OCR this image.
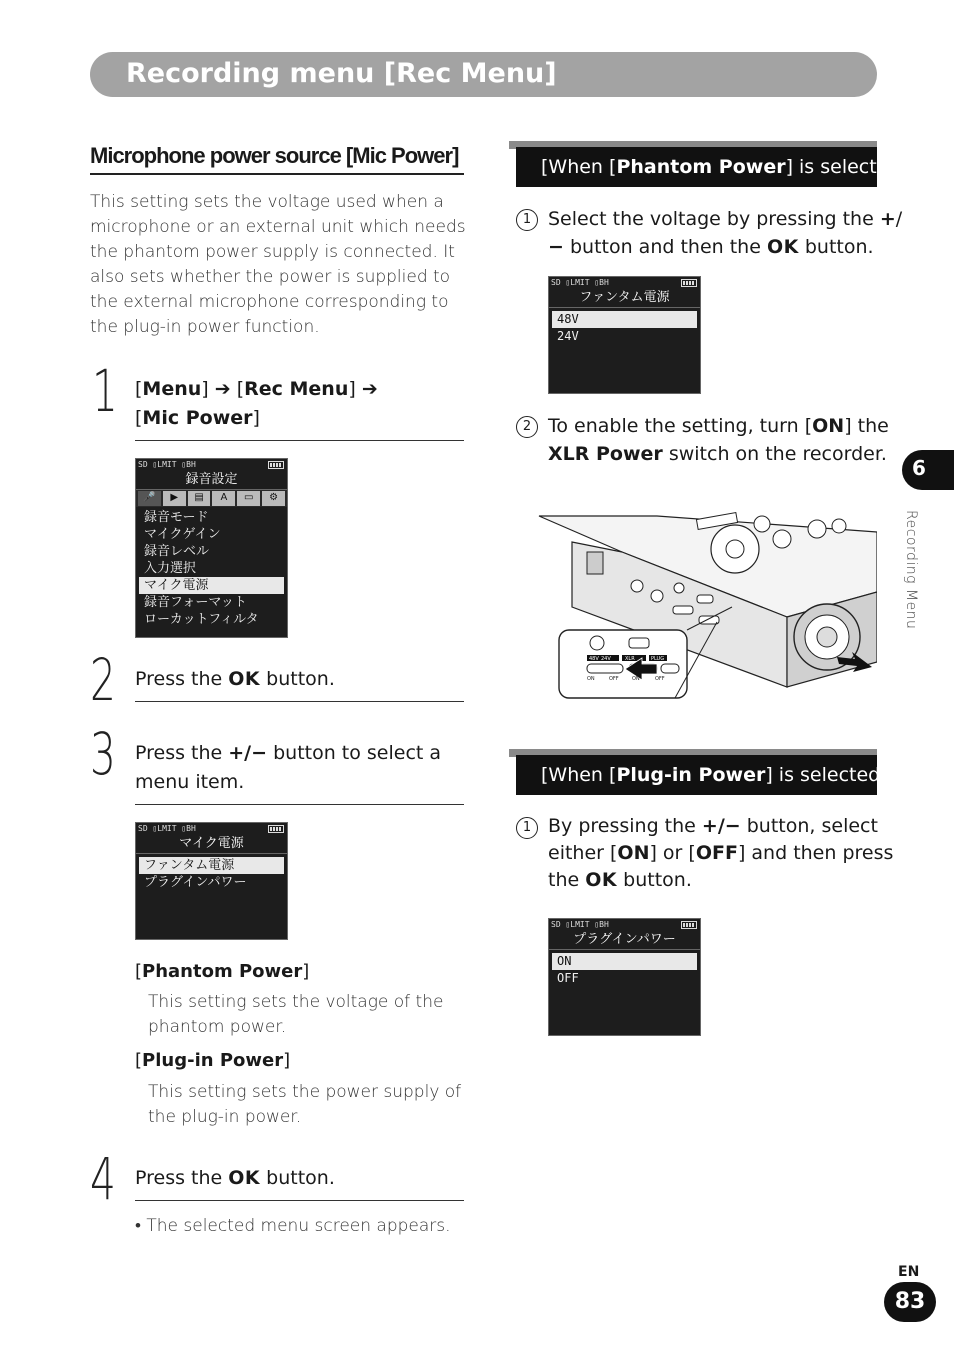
Recording menu [Rec Menu]
Microphone power source [Mic Power]
This setting sets the voltage used when a
microphone or an external unit which needs
the phantom power supply is connected. It
also sets whether the power is supplied to
the external microphone corresponding to
the plug-in power function.
1 [Menu] ➔ [Rec Menu] ➔
[Mic Power]
SD ▯LMIT ▯BH
録音設定
🎤	▶	▤	A	▭	⚙
録音モード
マイクゲイン
録音レベル
入力選択
マイク電源
録音フォーマット
ローカットフィルタ
2 Press the OK button.
3 Press the +/− button to select a
menu item.
SD ▯LMIT ▯BH
マイク電源
ファンタム電源
プラグインパワー
[Phantom Power]
This setting sets the voltage of the
phantom power.
[Plug-in Power]
This setting sets the power supply of
the plug-in power.
4 Press the OK button.
• The selected menu screen appears.
[When [Phantom Power] is selected
1 Select the voltage by pressing the +/
− button and then the OK button.
SD ▯LMIT ▯BH
ファンタム電源
48V
24V
2 To enable the setting, turn [ON] the
XLR Power switch on the recorder.
48V 24V	XLR	PLUG
ON	OFF	ON	OFF
[When [Plug-in Power] is selected
1 By pressing the +/− button, select
either [ON] or [OFF] and then press
the OK button.
SD ▯LMIT ▯BH
プラグインパワー
ON
OFF
6
Recording Menu
EN
83
